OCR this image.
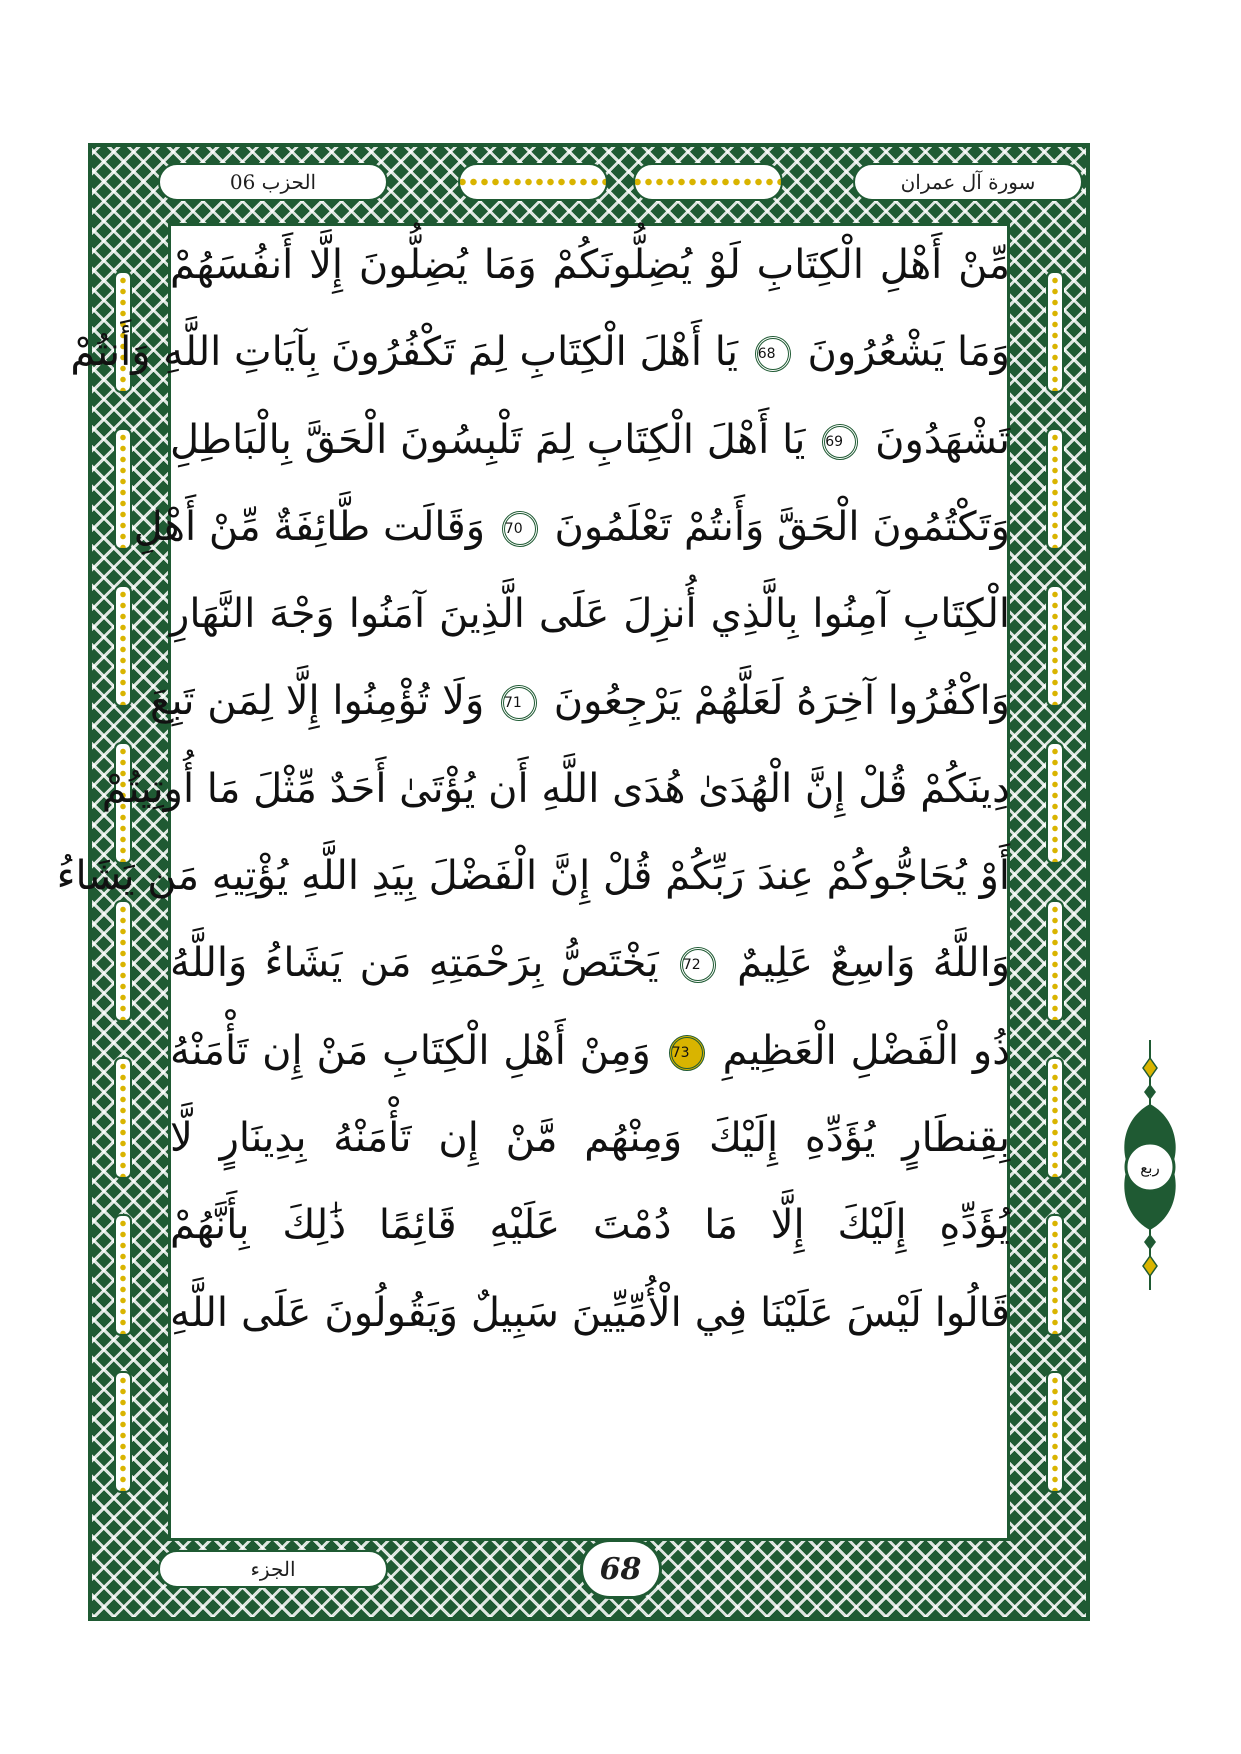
الحزب 06	سورة آل عمران
مِّنْ أَهْلِ الْكِتَابِ لَوْ يُضِلُّونَكُمْ وَمَا يُضِلُّونَ إِلَّا أَنفُسَهُمْ
وَمَا يَشْعُرُونَ 68 يَا أَهْلَ الْكِتَابِ لِمَ تَكْفُرُونَ بِآيَاتِ اللَّهِ وَأَنتُمْ
تَشْهَدُونَ 69 يَا أَهْلَ الْكِتَابِ لِمَ تَلْبِسُونَ الْحَقَّ بِالْبَاطِلِ
وَتَكْتُمُونَ الْحَقَّ وَأَنتُمْ تَعْلَمُونَ 70 وَقَالَت طَّائِفَةٌ مِّنْ أَهْلِ
الْكِتَابِ آمِنُوا بِالَّذِي أُنزِلَ عَلَى الَّذِينَ آمَنُوا وَجْهَ النَّهَارِ
وَاكْفُرُوا آخِرَهُ لَعَلَّهُمْ يَرْجِعُونَ 71 وَلَا تُؤْمِنُوا إِلَّا لِمَن تَبِعَ
دِينَكُمْ قُلْ إِنَّ الْهُدَىٰ هُدَى اللَّهِ أَن يُؤْتَىٰ أَحَدٌ مِّثْلَ مَا أُوتِيتُمْ
أَوْ يُحَاجُّوكُمْ عِندَ رَبِّكُمْ قُلْ إِنَّ الْفَضْلَ بِيَدِ اللَّهِ يُؤْتِيهِ مَن يَشَاءُ
وَاللَّهُ وَاسِعٌ عَلِيمٌ 72 يَخْتَصُّ بِرَحْمَتِهِ مَن يَشَاءُ وَاللَّهُ
ذُو الْفَضْلِ الْعَظِيمِ 73 وَمِنْ أَهْلِ الْكِتَابِ مَنْ إِن تَأْمَنْهُ
بِقِنطَارٍ يُؤَدِّهِ إِلَيْكَ وَمِنْهُم مَّنْ إِن تَأْمَنْهُ بِدِينَارٍ لَّا
يُؤَدِّهِ إِلَيْكَ إِلَّا مَا دُمْتَ عَلَيْهِ قَائِمًا ذَٰلِكَ بِأَنَّهُمْ
قَالُوا لَيْسَ عَلَيْنَا فِي الْأُمِّيِّينَ سَبِيلٌ وَيَقُولُونَ عَلَى اللَّهِ
الجزء	68
ربع
